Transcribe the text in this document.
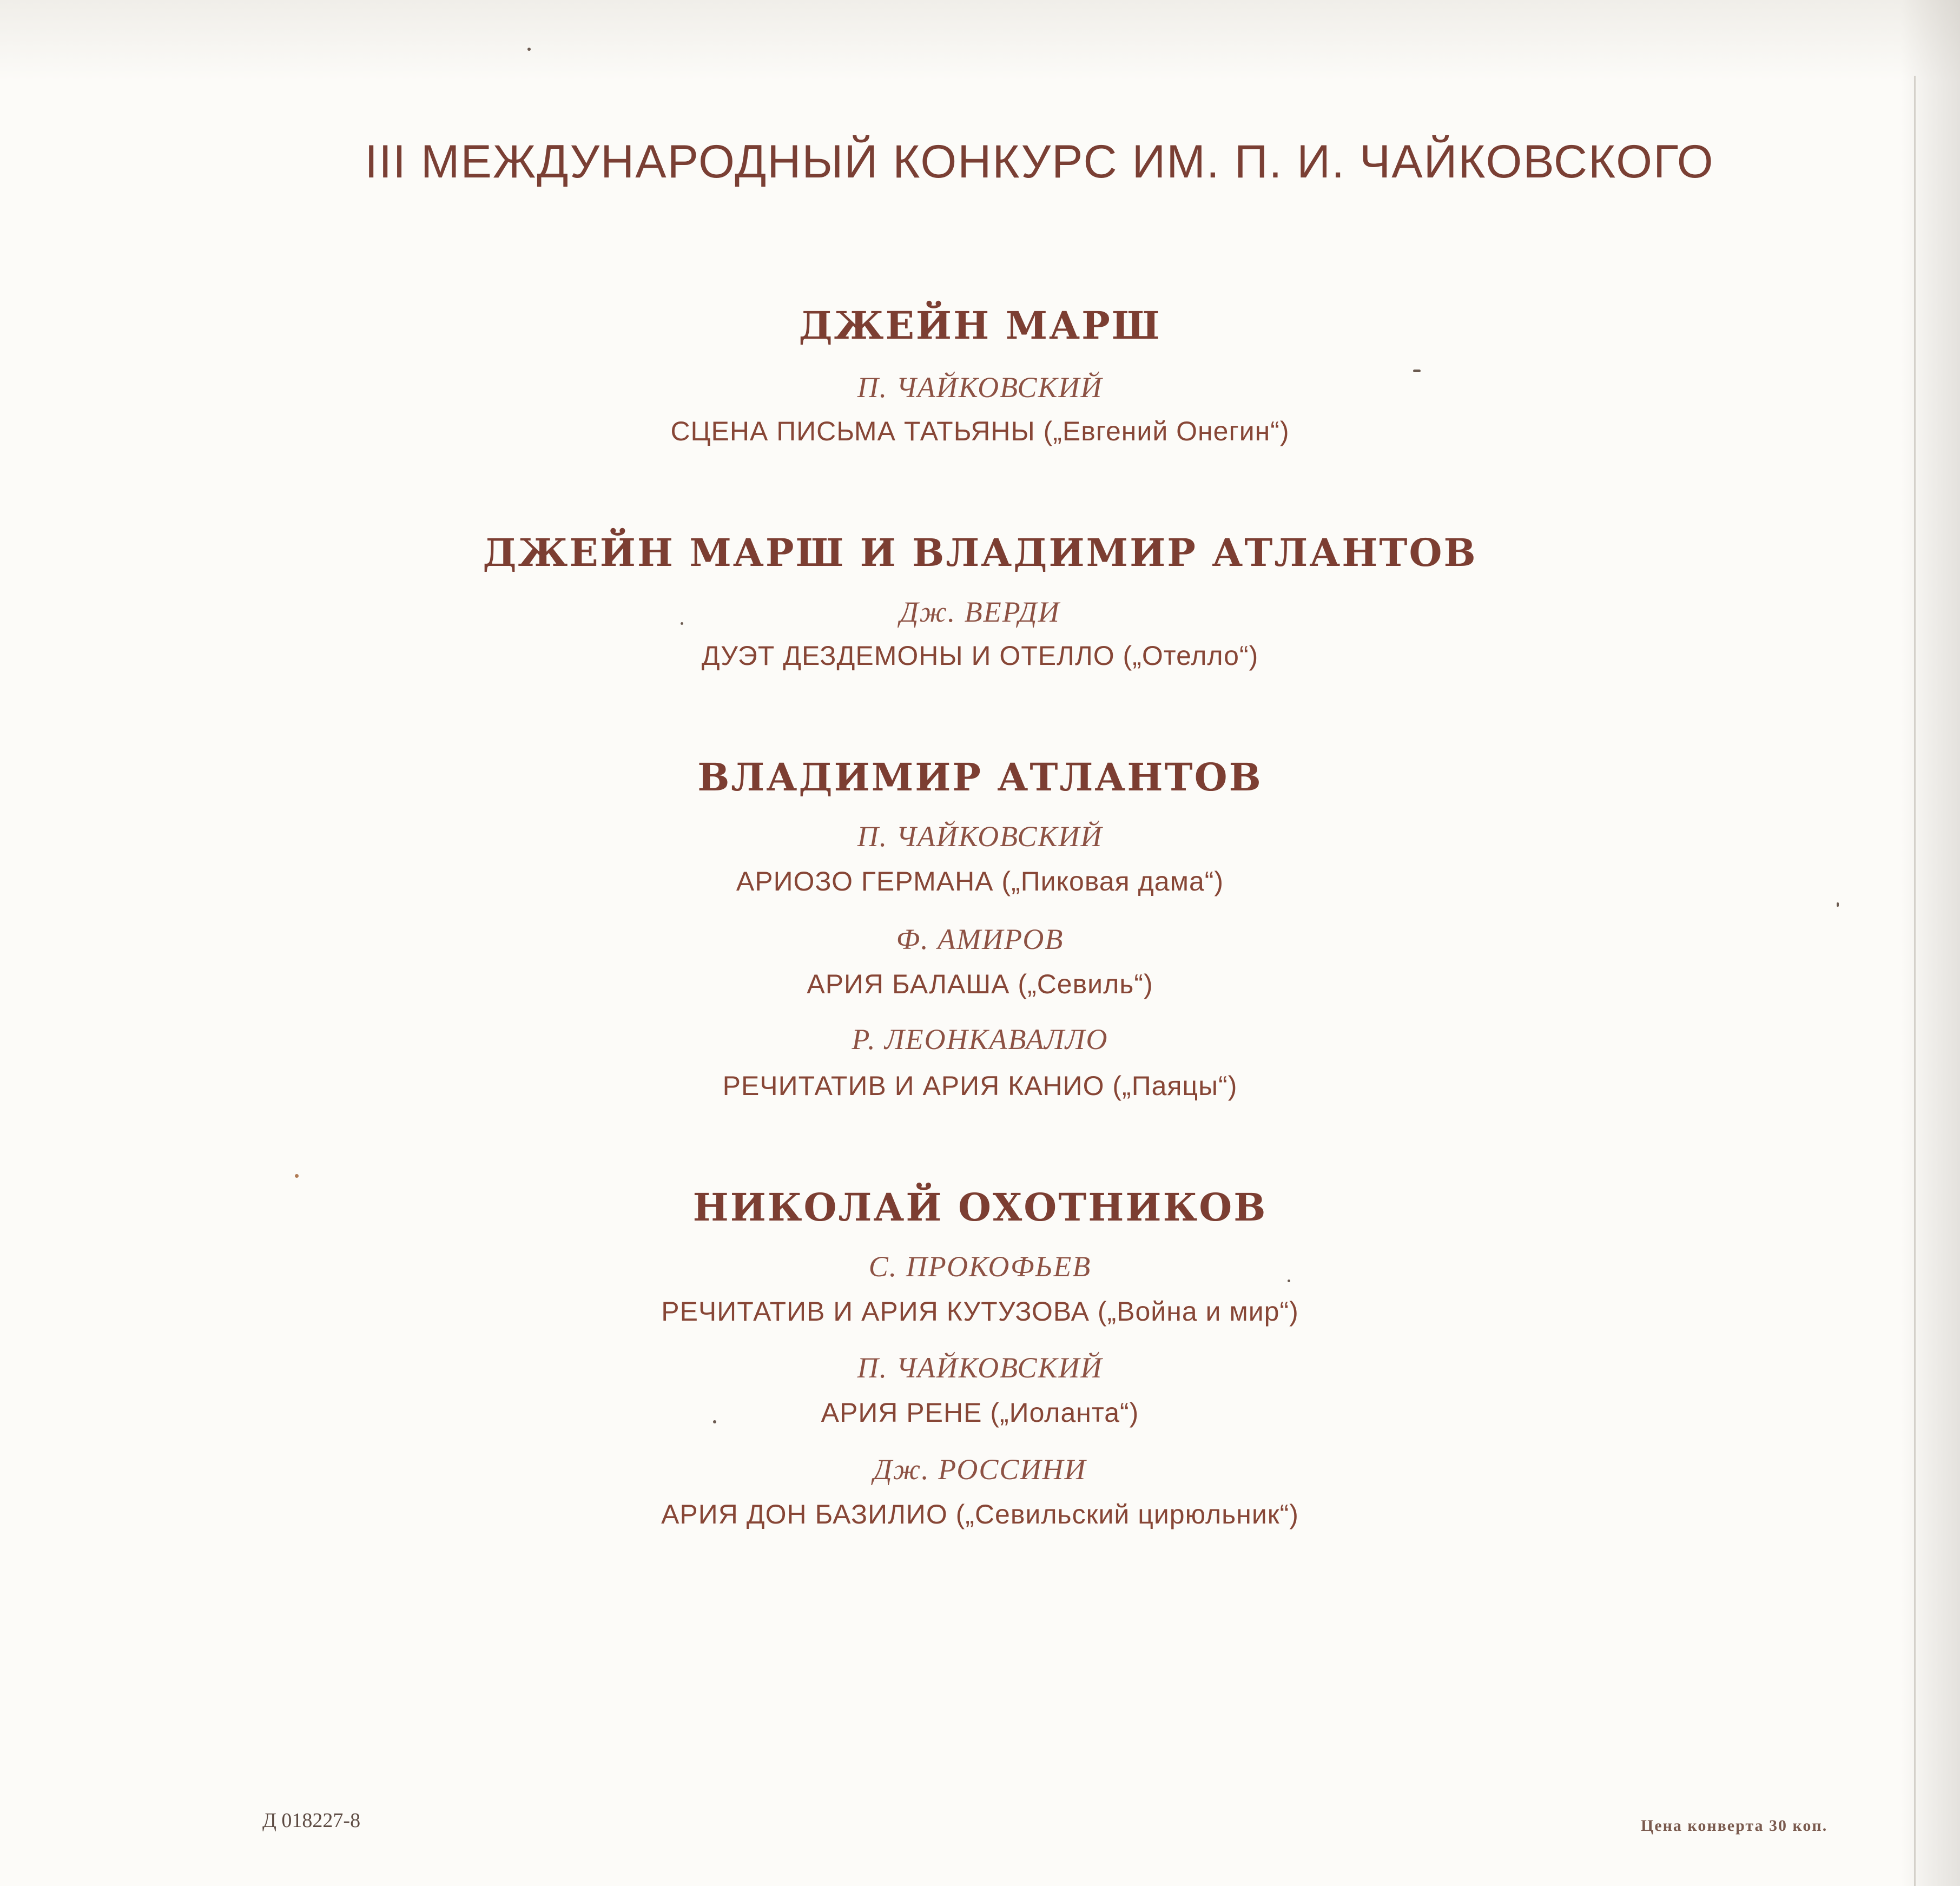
III МЕЖДУНАРОДНЫЙ КОНКУРС ИМ. П. И. ЧАЙКОВСКОГО
ДЖЕЙН МАРШ
П. ЧАЙКОВСКИЙ
СЦЕНА ПИСЬМА ТАТЬЯНЫ („Евгений Онегин“)
ДЖЕЙН МАРШ И ВЛАДИМИР АТЛАНТОВ
Дж. ВЕРДИ
ДУЭТ ДЕЗДЕМОНЫ И ОТЕЛЛО („Отелло“)
ВЛАДИМИР АТЛАНТОВ
П. ЧАЙКОВСКИЙ
АРИОЗО ГЕРМАНА („Пиковая дама“)
Ф. АМИРОВ
АРИЯ БАЛАША („Севиль“)
Р. ЛЕОНКАВАЛЛО
РЕЧИТАТИВ И АРИЯ КАНИО („Паяцы“)
НИКОЛАЙ ОХОТНИКОВ
С. ПРОКОФЬЕВ
РЕЧИТАТИВ И АРИЯ КУТУЗОВА („Война и мир“)
П. ЧАЙКОВСКИЙ
АРИЯ РЕНЕ („Иоланта“)
Дж. РОССИНИ
АРИЯ ДОН БАЗИЛИО („Севильский цирюльник“)
Д 018227-8	Цена конверта 30 коп.
